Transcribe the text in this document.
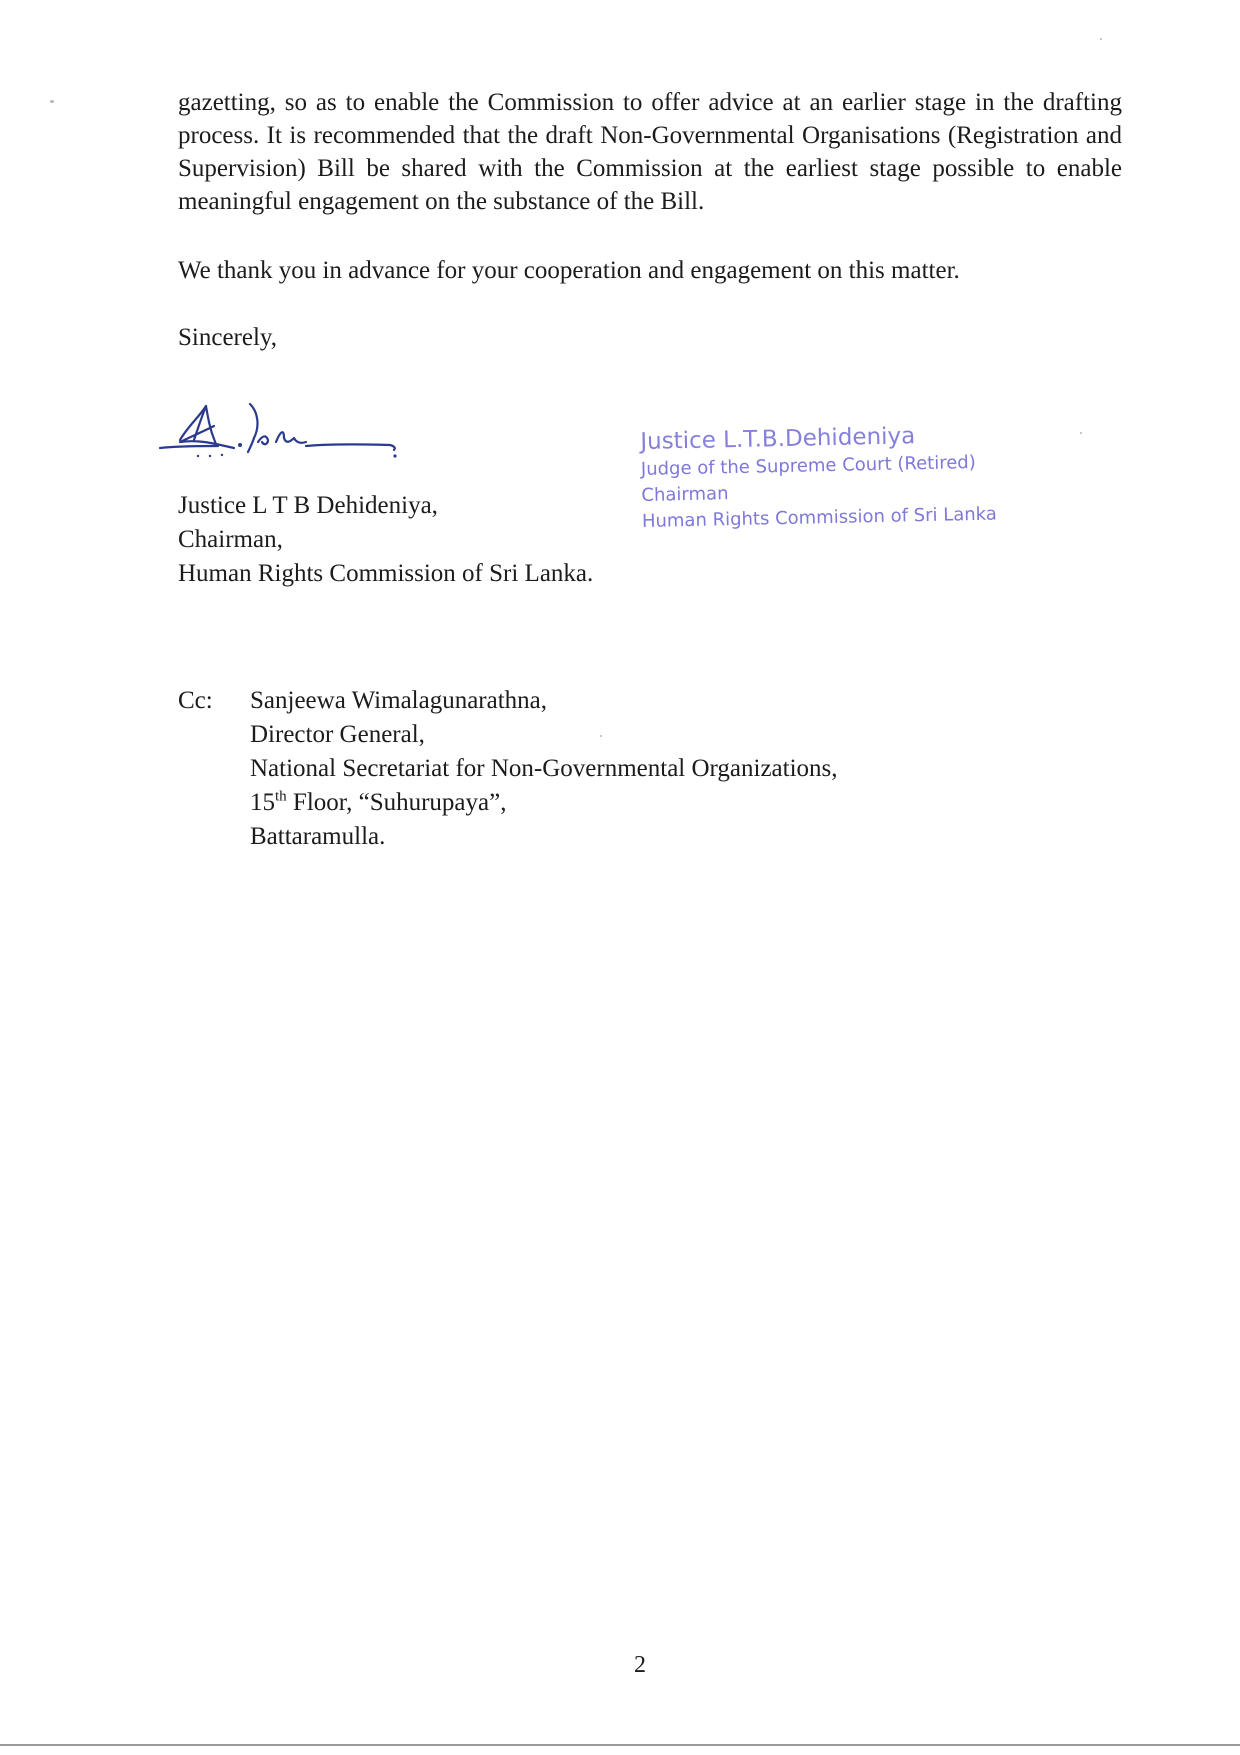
gazetting, so as to enable the Commission to offer advice at an earlier stage in the drafting process. It is recommended that the draft Non-Governmental Organisations (Registration and Supervision) Bill be shared with the Commission at the earliest stage possible to enable meaningful engagement on the substance of the Bill.
We thank you in advance for your cooperation and engagement on this matter.
Sincerely,
Justice L T B Dehideniya,
Chairman,
Human Rights Commission of Sri Lanka.
Justice L.T.B.Dehideniya
Judge of the Supreme Court (Retired)
Chairman
Human Rights Commission of Sri Lanka
Cc: Sanjeewa Wimalagunarathna,
Director General,
National Secretariat for Non-Governmental Organizations,
15th Floor, “Suhurupaya”,
Battaramulla.
2
